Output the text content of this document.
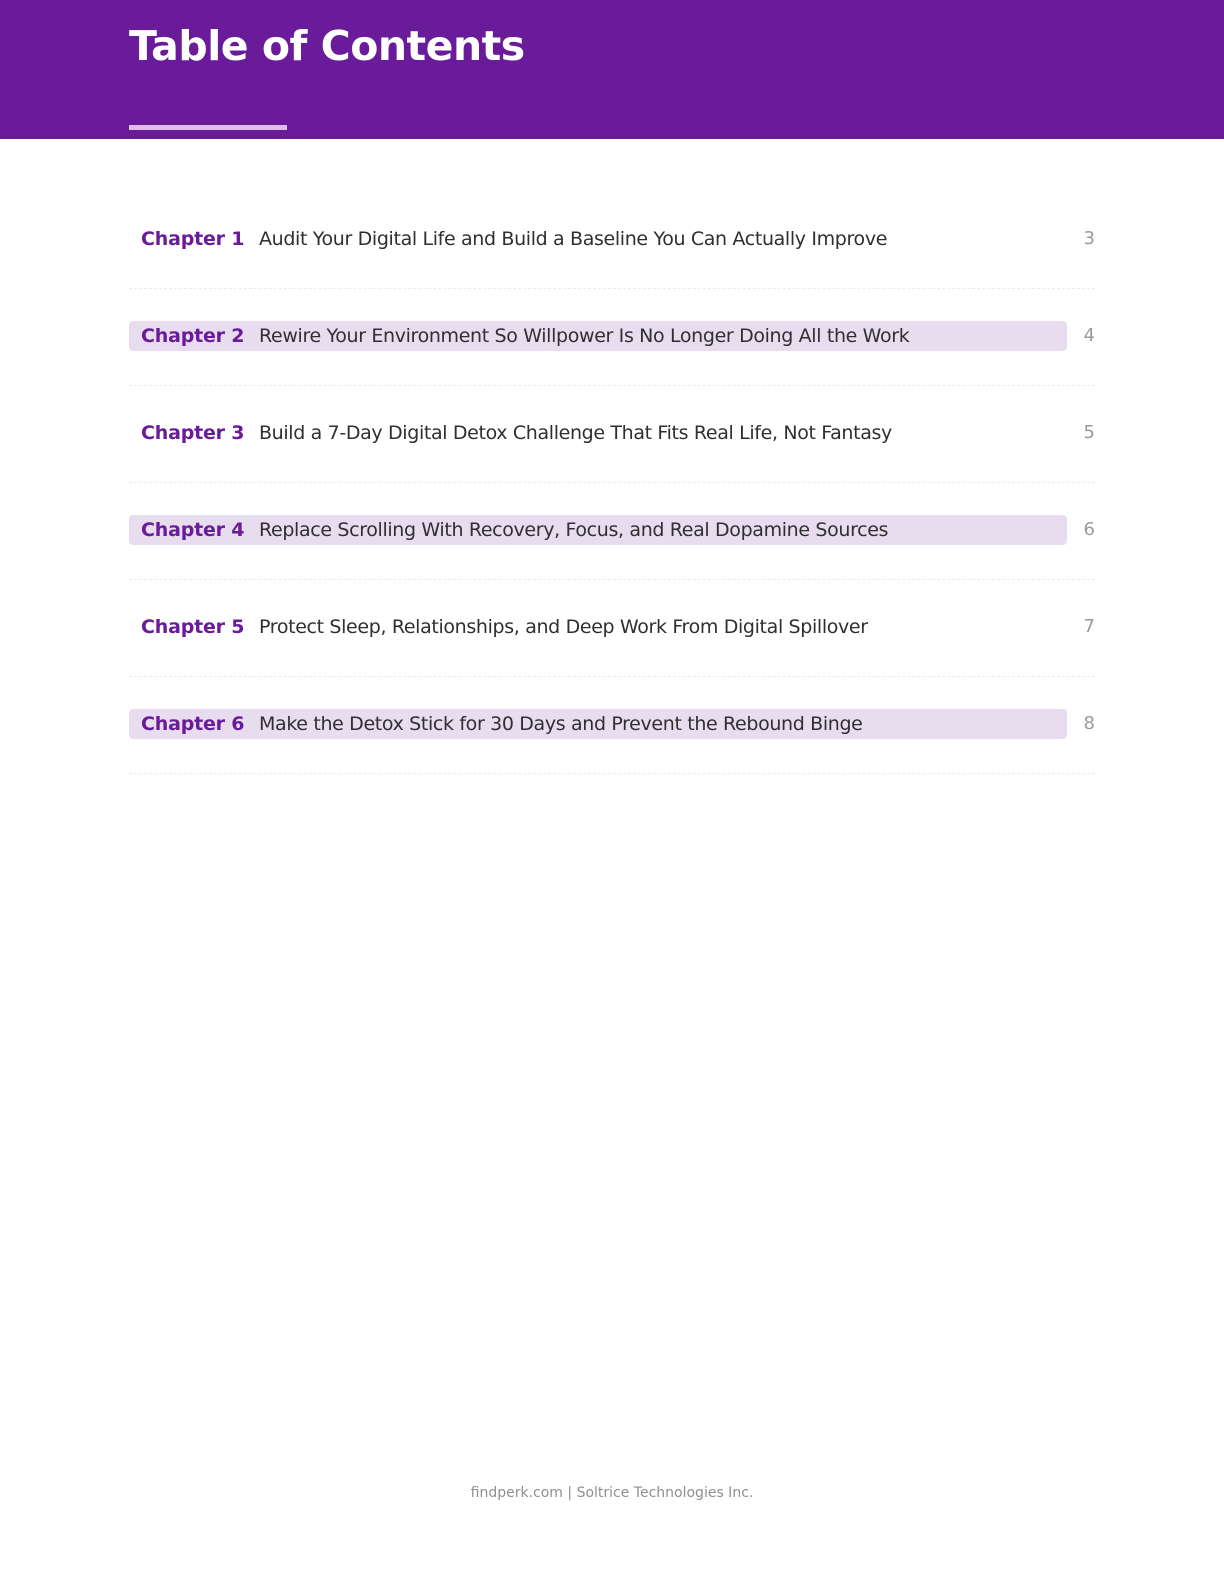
Table of Contents
Chapter 1 Audit Your Digital Life and Build a Baseline You Can Actually Improve	3
Chapter 2 Rewire Your Environment So Willpower Is No Longer Doing All the Work	4
Chapter 3 Build a 7-Day Digital Detox Challenge That Fits Real Life, Not Fantasy	5
Chapter 4 Replace Scrolling With Recovery, Focus, and Real Dopamine Sources	6
Chapter 5 Protect Sleep, Relationships, and Deep Work From Digital Spillover	7
Chapter 6 Make the Detox Stick for 30 Days and Prevent the Rebound Binge	8
findperk.com | Soltrice Technologies Inc.
